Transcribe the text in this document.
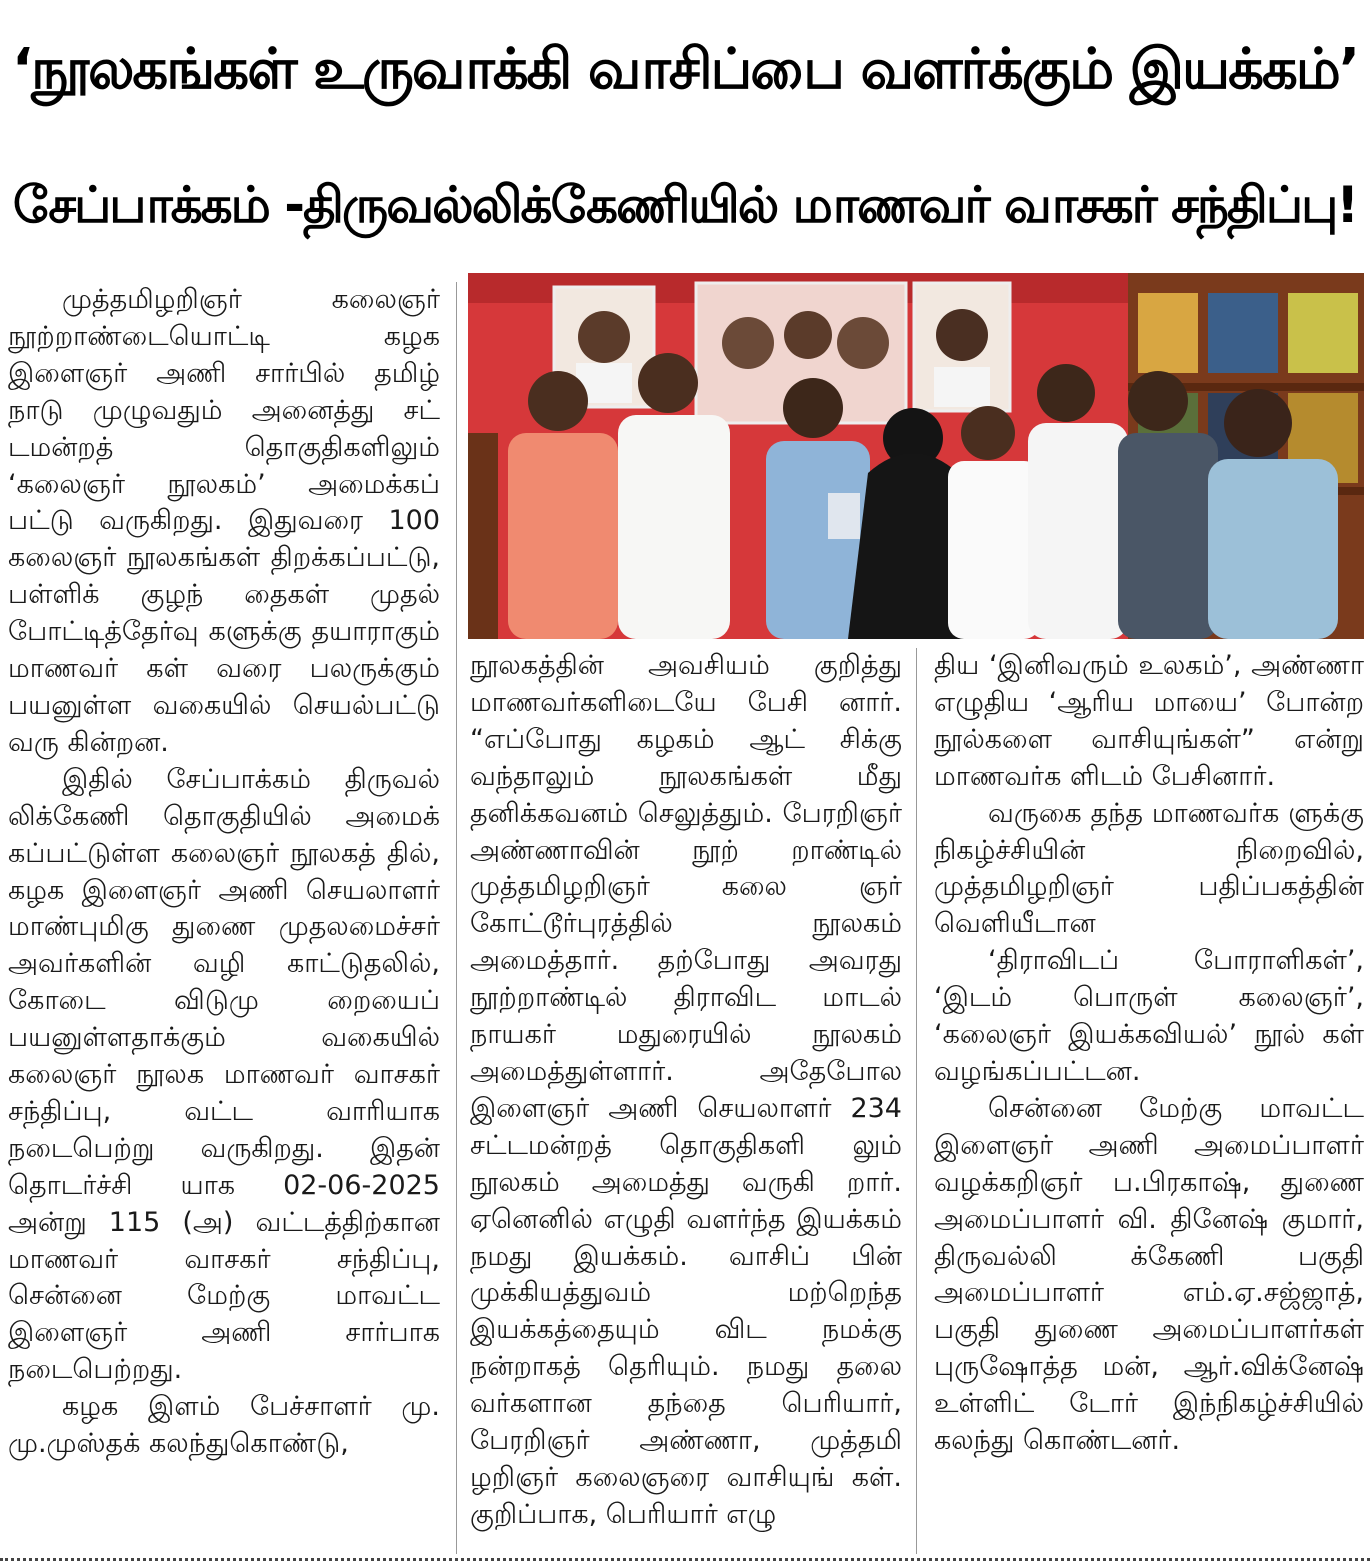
‘நூலகங்கள் உருவாக்கி வாசிப்பை வளர்க்கும் இயக்கம்’
சேப்பாக்கம் -திருவல்லிக்கேணியில் மாணவர் வாசகர் சந்திப்பு!

முத்தமிழறிஞர் கலைஞர் நூற்றாண்டையொட்டி கழக இளைஞர் அணி சார்பில் தமிழ் நாடு முழுவதும் அனைத்து சட் டமன்றத் தொகுதிகளிலும் ‘கலைஞர் நூலகம்’ அமைக்கப் பட்டு வருகிறது. இதுவரை 100 கலைஞர் நூலகங்கள் திறக்கப்பட்டு, பள்ளிக் குழந் தைகள் முதல் போட்டித்தேர்வு களுக்கு தயாராகும் மாணவர் கள் வரை பலருக்கும் பயனுள்ள வகையில் செயல்பட்டு வரு கின்றன.

இதில் சேப்பாக்கம் திருவல் லிக்கேணி தொகுதியில் அமைக் கப்பட்டுள்ள கலைஞர் நூலகத் தில், கழக இளைஞர் அணி செயலாளர் மாண்புமிகு துணை முதலமைச்சர் அவர்களின் வழி காட்டுதலில், கோடை விடுமு றையைப் பயனுள்ளதாக்கும் வகையில் கலைஞர் நூலக மாணவர் வாசகர் சந்திப்பு, வட்ட வாரியாக நடைபெற்று வருகிறது. இதன் தொடர்ச்சி யாக 02-06-2025 அன்று 115 (அ) வட்டத்திற்கான மாணவர் வாசகர் சந்திப்பு, சென்னை மேற்கு மாவட்ட இளைஞர் அணி சார்பாக நடைபெற்றது.

கழக இளம் பேச்சாளர் மு. மு.முஸ்தக் கலந்துகொண்டு,

நூலகத்தின் அவசியம் குறித்து மாணவர்களிடையே பேசி னார். “எப்போது கழகம் ஆட் சிக்கு வந்தாலும் நூலகங்கள் மீது தனிக்கவனம் செலுத்தும். பேரறிஞர் அண்ணாவின் நூற் றாண்டில் முத்தமிழறிஞர் கலை ஞர் கோட்டூர்புரத்தில் நூலகம் அமைத்தார். தற்போது அவரது நூற்றாண்டில் திராவிட மாடல் நாயகர் மதுரையில் நூலகம் அமைத்துள்ளார். அதேபோல இளைஞர் அணி செயலாளர் 234 சட்டமன்றத் தொகுதிகளி லும் நூலகம் அமைத்து வருகி றார். ஏனெனில் எழுதி வளர்ந்த இயக்கம் நமது இயக்கம். வாசிப் பின் முக்கியத்துவம் மற்றெந்த இயக்கத்தையும் விட நமக்கு நன்றாகத் தெரியும். நமது தலை வர்களான தந்தை பெரியார், பேரறிஞர் அண்ணா, முத்தமி ழறிஞர் கலைஞரை வாசியுங் கள். குறிப்பாக, பெரியார் எழு

திய ‘இனிவரும் உலகம்’, அண்ணா எழுதிய ‘ஆரிய மாயை’ போன்ற நூல்களை வாசியுங்கள்” என்று மாணவர்க ளிடம் பேசினார்.

வருகை தந்த மாணவர்க ளுக்கு நிகழ்ச்சியின் நிறைவில், முத்தமிழறிஞர் பதிப்பகத்தின் வெளியீடான

‘திராவிடப் போராளிகள்’, ‘இடம் பொருள் கலைஞர்’, ‘கலைஞர் இயக்கவியல்’ நூல் கள் வழங்கப்பட்டன.

சென்னை மேற்கு மாவட்ட இளைஞர் அணி அமைப்பாளர் வழக்கறிஞர் ப.பிரகாஷ், துணை அமைப்பாளர் வி. தினேஷ் குமார், திருவல்லி க்கேணி பகுதி அமைப்பாளர் எம்.ஏ.சஜ்ஜாத், பகுதி துணை அமைப்பாளர்கள் புருஷோத்த மன், ஆர்.விக்னேஷ் உள்ளிட் டோர் இந்நிகழ்ச்சியில் கலந்து கொண்டனர்.
